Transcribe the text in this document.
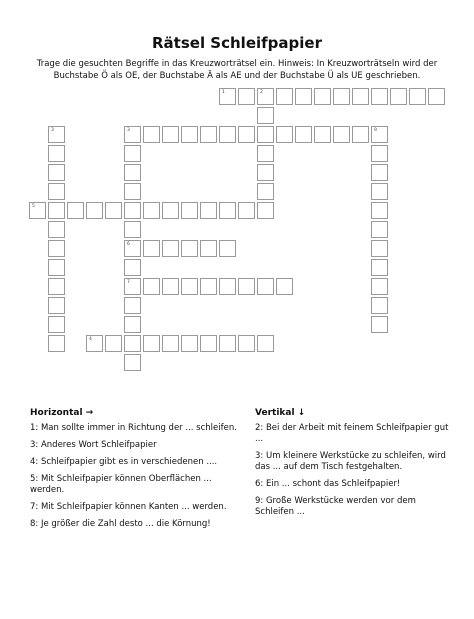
Rätsel Schleifpapier
Trage die gesuchten Begriffe in das Kreuzworträtsel ein. Hinweis: In Kreuzworträtseln wird der Buchstabe Ö als OE, der Buchstabe Ä als AE und der Buchstabe Ü als UE geschrieben.
1	2
3	3	9
6
7
5
4
Horizontal →
1: Man sollte immer in Richtung der ... schleifen.
3: Anderes Wort Schleifpapier
4: Schleifpapier gibt es in verschiedenen ....
5: Mit Schleifpapier können Oberflächen ... werden.
7: Mit Schleifpapier können Kanten ... werden.
8: Je größer die Zahl desto ... die Körnung!
Vertikal ↓
2: Bei der Arbeit mit feinem Schleifpapier gut ...
3: Um kleinere Werkstücke zu schleifen, wird das ... auf dem Tisch festgehalten.
6: Ein ... schont das Schleifpapier!
9: Große Werkstücke werden vor dem Schleifen ...
